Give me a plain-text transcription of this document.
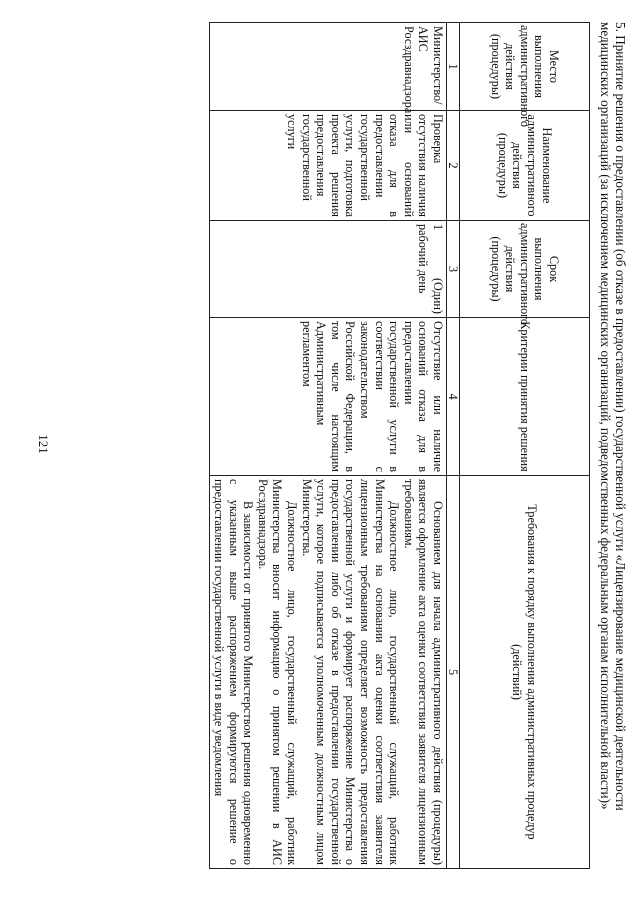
121	5. Принятие решения о предоставлении (об отказе в предоставлении) государственной услуги «Лицензирование медицинской деятельности медицинских организаций (за исключением медицинских организаций, подведомственных федеральным органам исполнительной власти)»
Место выполнения административного действия (процедуры)	Наименование административного действия (процедуры)	Срок выполнения административного действия (процедуры)	Критерии принятия решения	Требования к порядку выполнения административных процедур (действий)
1	2	3	4	5
Министерство/ АИС Росздравнадзора	Проверка отсутствия наличия или оснований отказа для в предоставлении государственной услуги, подготовка проекта решения предоставления государственной услуги	1 (Один) рабочий день	Отсутствие или наличие оснований отказа для в предоставлении государственной услуги в соответствии с законодательством Российской Федерации, в том числе настоящим Административным регламентом	Основанием для начала административного действия (процедуры) является оформление акта оценки соответствия заявителя лицензионным требованиям.

Должностное лицо, государственный служащий, работник Министерства на основании акта оценки соответствия заявителя лицензионным требованиям определяет возможность предоставления государственной услуги и формирует распоряжение Министерства о предоставлении либо об отказе в предоставлении государственной услуги, которое подписывается уполномоченным должностным лицом Министерства.

Должностное лицо, государственный служащий, работник Министерства вносит информацию о принятом решении в АИС Росздравнадзора.

В зависимости от принятого Министерством решения одновременно с указанным выше распоряжением формируются решение о предоставлении государственной услуги в виде уведомления
